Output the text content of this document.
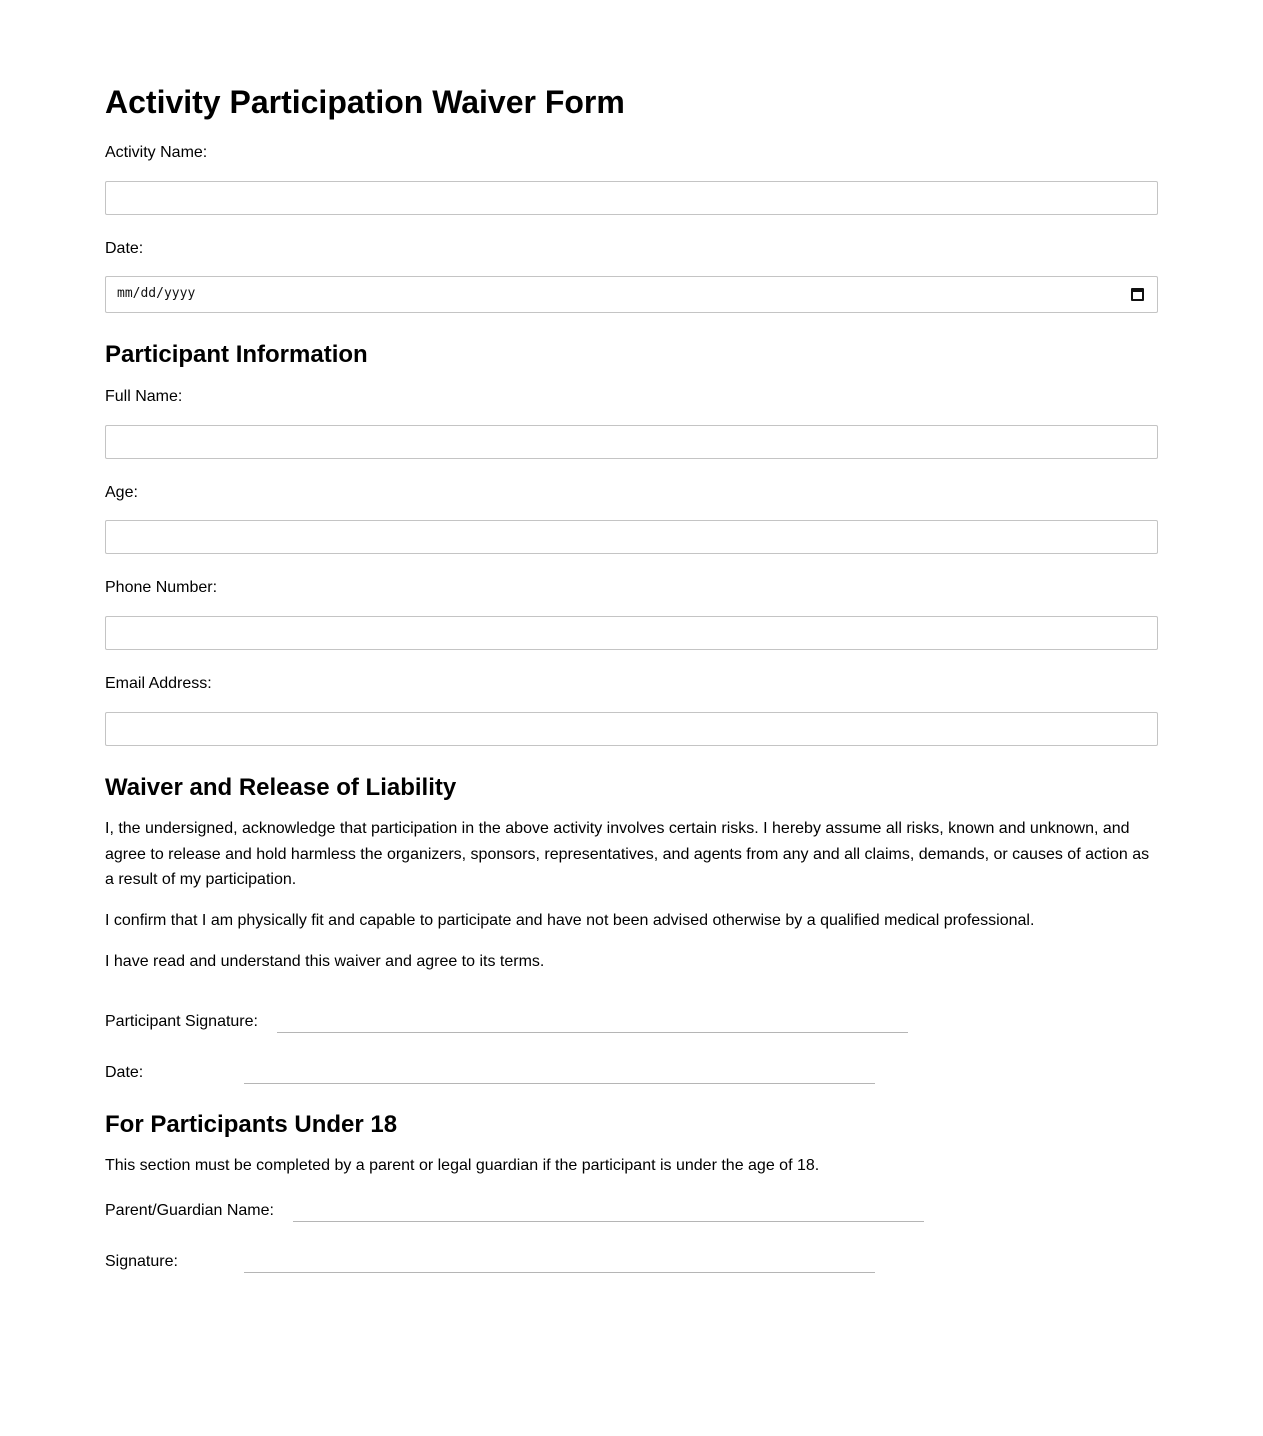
Activity Participation Waiver Form
Activity Name:
Date:
mm/dd/yyyy
Participant Information
Full Name:
Age:
Phone Number:
Email Address:
Waiver and Release of Liability

I, the undersigned, acknowledge that participation in the above activity involves certain risks. I hereby assume all risks, known and unknown, and agree to release and hold harmless the organizers, sponsors, representatives, and agents from any and all claims, demands, or causes of action as a result of my participation.

I confirm that I am physically fit and capable to participate and have not been advised otherwise by a qualified medical professional.

I have read and understand this waiver and agree to its terms.

Participant Signature:
Date:
For Participants Under 18

This section must be completed by a parent or legal guardian if the participant is under the age of 18.

Parent/Guardian Name:
Signature:
